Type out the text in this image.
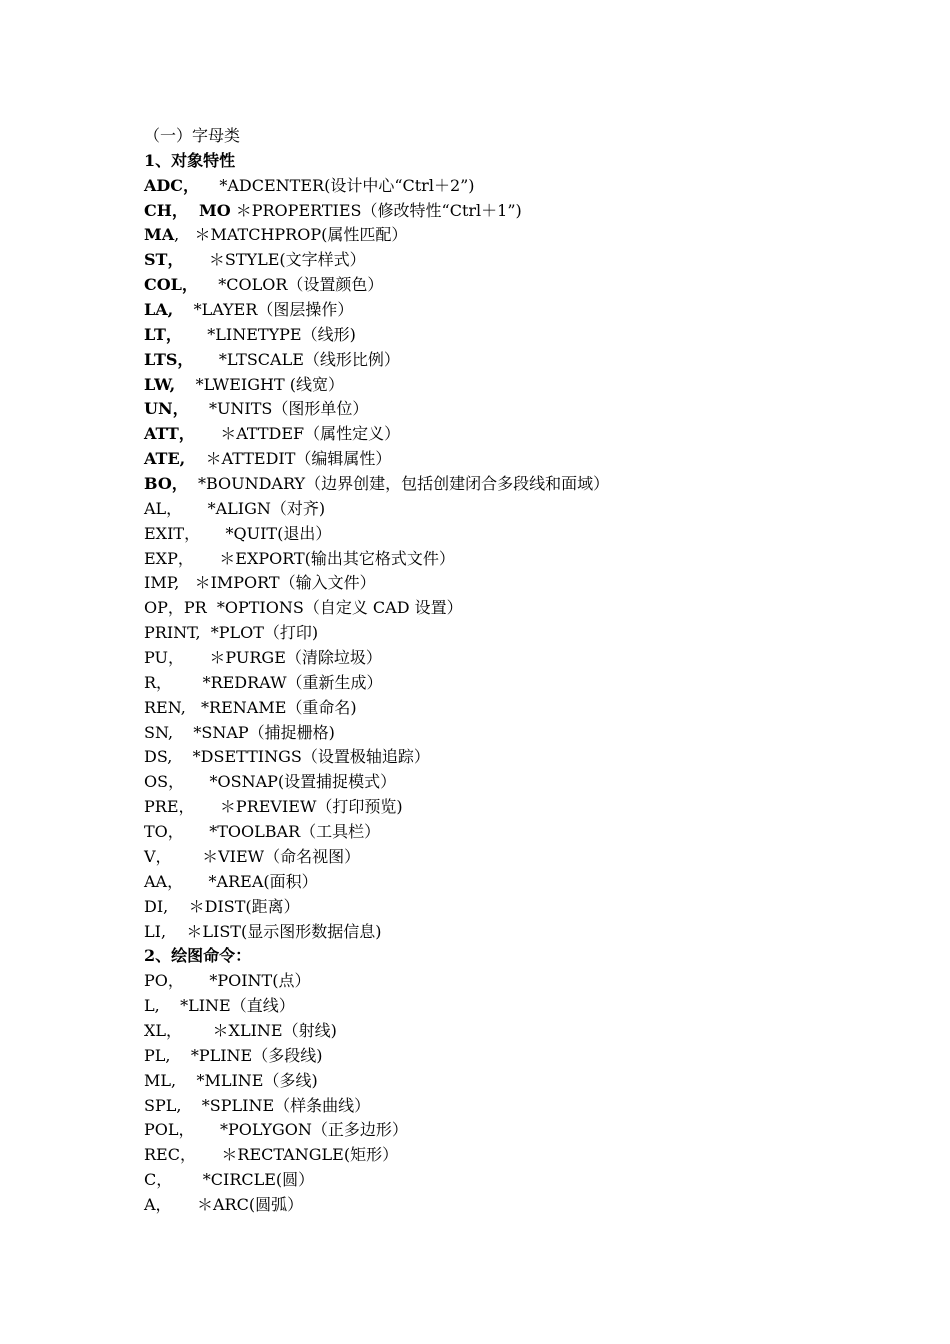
（一）字母类
1、对象特性
ADC，    *ADCENTER(设计中心“Ctrl＋2”)
CH，  MO ＊PROPERTIES（修改特性“Ctrl＋1”)
MA,   ＊MATCHPROP(属性匹配）
ST，     ＊STYLE(文字样式）
COL，    *COLOR（设置颜色）
LA,    *LAYER（图层操作）
LT，     *LINETYPE（线形)
LTS，     *LTSCALE（线形比例）
LW,    *LWEIGHT (线宽）
UN，    *UNITS（图形单位）
ATT，     ＊ATTDEF（属性定义）
ATE,    ＊ATTEDIT（编辑属性）
BO，  *BOUNDARY（边界创建，包括创建闭合多段线和面域）
AL，     *ALIGN（对齐)
EXIT，     *QUIT(退出）
EXP，     ＊EXPORT(输出其它格式文件）
IMP,   ＊IMPORT（输入文件）
OP，PR  *OPTIONS（自定义 CAD 设置）
PRINT,  *PLOT（打印)
PU，     ＊PURGE（清除垃圾）
R，      *REDRAW（重新生成）
REN,   *RENAME（重命名)
SN,    *SNAP（捕捉栅格)
DS,    *DSETTINGS（设置极轴追踪）
OS，     *OSNAP(设置捕捉模式）
PRE，     ＊PREVIEW（打印预览)
TO，     *TOOLBAR（工具栏）
V，      ＊VIEW（命名视图）
AA，     *AREA(面积）
DI,    ＊DIST(距离）
LI,    ＊LIST(显示图形数据信息)
2、绘图命令：
PO，     *POINT(点）
L,    *LINE（直线）
XL，      ＊XLINE（射线)
PL,    *PLINE（多段线)
ML,    *MLINE（多线)
SPL,    *SPLINE（样条曲线）
POL，     *POLYGON（正多边形）
REC，     ＊RECTANGLE(矩形）
C，      *CIRCLE(圆）
A，     ＊ARC(圆弧）
